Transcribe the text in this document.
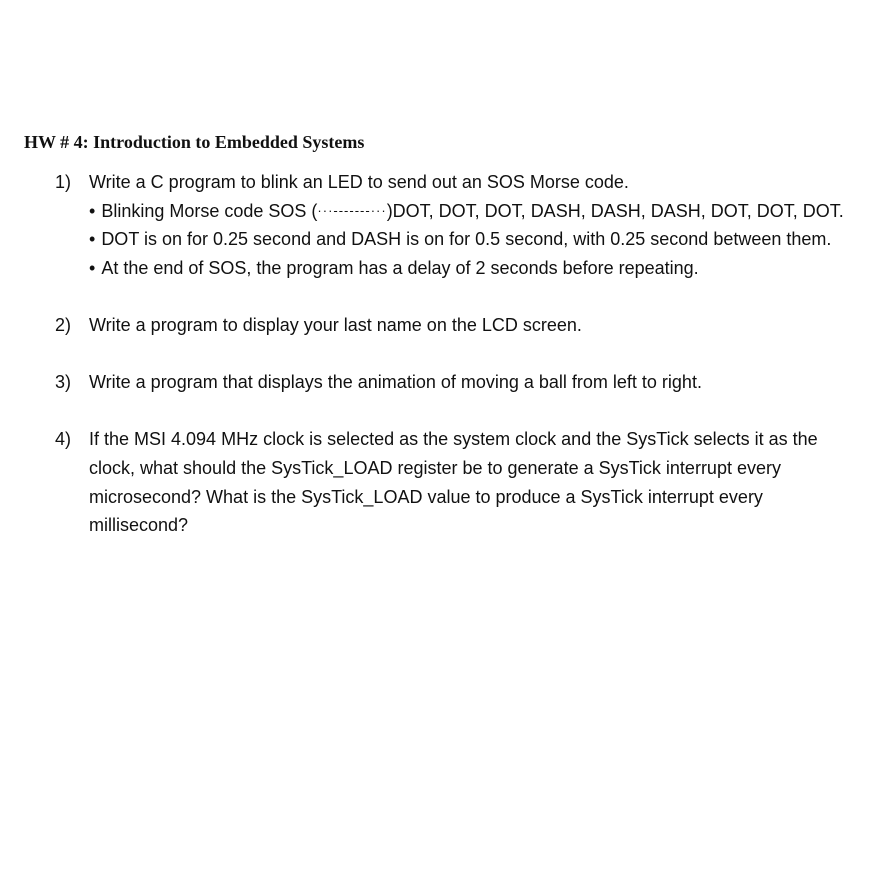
HW # 4: Introduction to Embedded Systems
1) Write a C program to blink an LED to send out an SOS Morse code.
• Blinking Morse code SOS (···-------···)DOT, DOT, DOT, DASH, DASH, DASH, DOT, DOT, DOT.
• DOT is on for 0.25 second and DASH is on for 0.5 second, with 0.25 second between them.
• At the end of SOS, the program has a delay of 2 seconds before repeating.
2) Write a program to display your last name on the LCD screen.
3) Write a program that displays the animation of moving a ball from left to right.
4) If the MSI 4.094 MHz clock is selected as the system clock and the SysTick selects it as the clock, what should the SysTick_LOAD register be to generate a SysTick interrupt every microsecond? What is the SysTick_LOAD value to produce a SysTick interrupt every millisecond?
